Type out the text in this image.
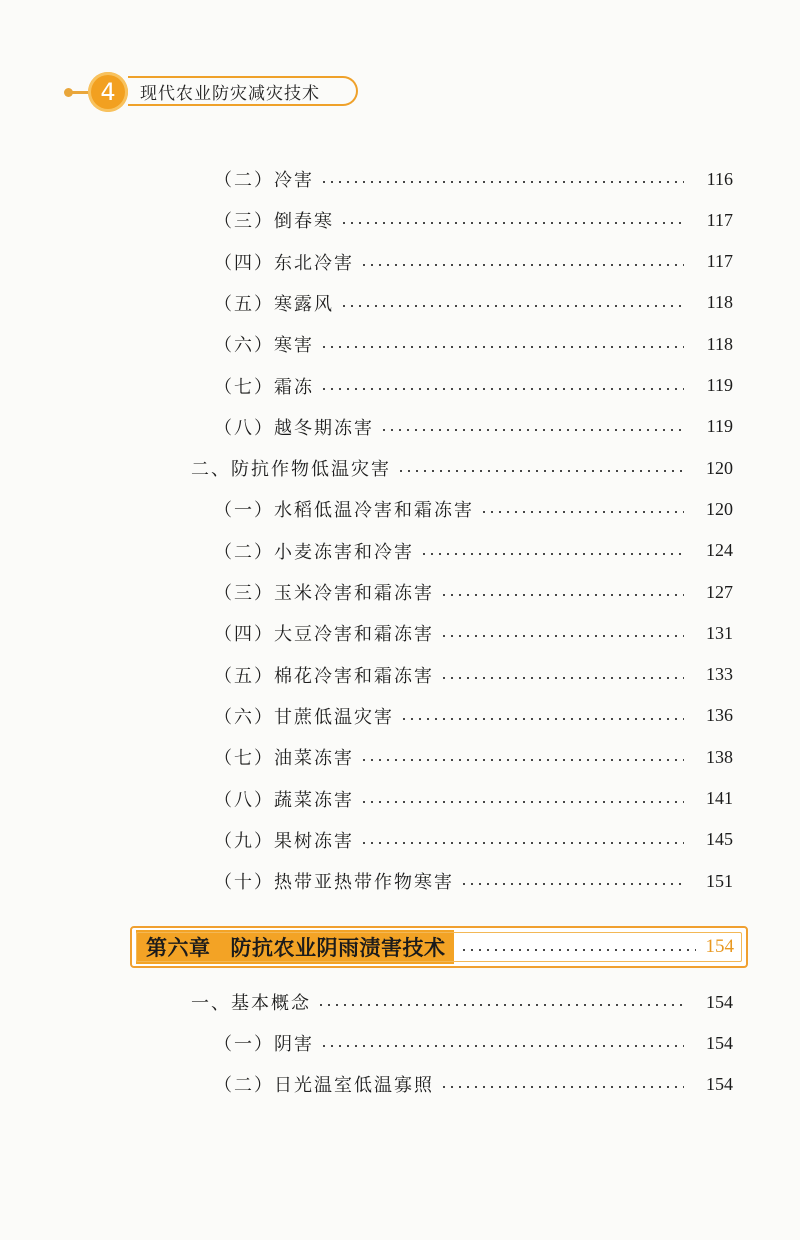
4 现代农业防灾减灾技术
（二）冷害	116
（三）倒春寒	117
（四）东北冷害	117
（五）寒露风	118
（六）寒害	118
（七）霜冻	119
（八）越冬期冻害	119
二、防抗作物低温灾害	120
（一）水稻低温冷害和霜冻害	120
（二）小麦冻害和冷害	124
（三）玉米冷害和霜冻害	127
（四）大豆冷害和霜冻害	131
（五）棉花冷害和霜冻害	133
（六）甘蔗低温灾害	136
（七）油菜冻害	138
（八）蔬菜冻害	141
（九）果树冻害	145
（十）热带亚热带作物寒害	151
第六章 防抗农业阴雨渍害技术	154
一、基本概念	154
（一）阴害	154
（二）日光温室低温寡照	154
